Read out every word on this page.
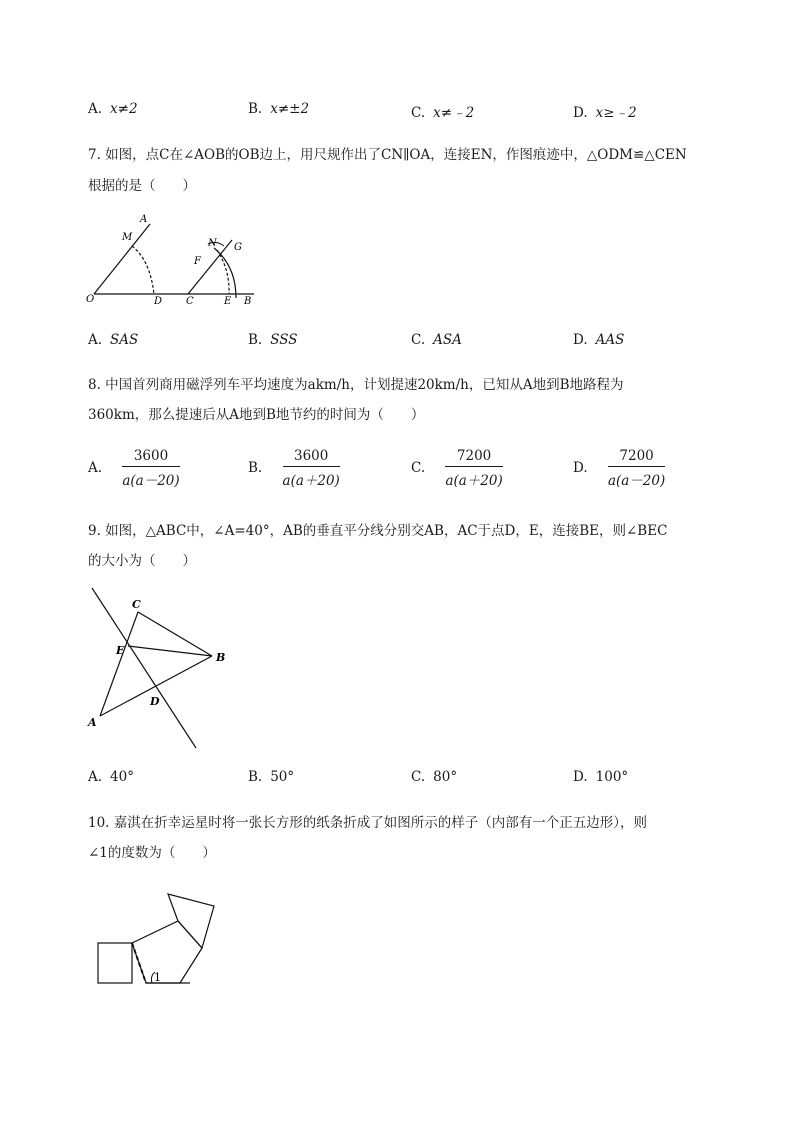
A. x≠2	B. x≠±2	C. x≠﹣2	D. x≥﹣2
7. 如图，点C在∠AOB的OB边上，用尺规作出了CN∥OA，连接EN，作图痕迹中，△ODM≌△CEN
根据的是（　　）
A
M
N G
F
O	D C	E B
A. SAS	B. SSS	C. ASA	D. AAS
8. 中国首列商用磁浮列车平均速度为akm/h，计划提速20km/h，已知从A地到B地路程为
360km，那么提速后从A地到B地节约的时间为（　　）
A. $\frac{3600}{a(a-20)}$	B. $\frac{3600}{a(a+20)}$	C. $\frac{7200}{a(a+20)}$	D. $\frac{7200}{a(a-20)}$
9. 如图，△ABC中，∠A=40°，AB的垂直平分线分别交AB，AC于点D，E，连接BE，则∠BEC
的大小为（　　）
C
E
B
D
A
A. 40°	B. 50°	C. 80°	D. 100°
10. 嘉淇在折幸运星时将一张长方形的纸条折成了如图所示的样子（内部有一个正五边形），则
∠1的度数为（　　）
1
